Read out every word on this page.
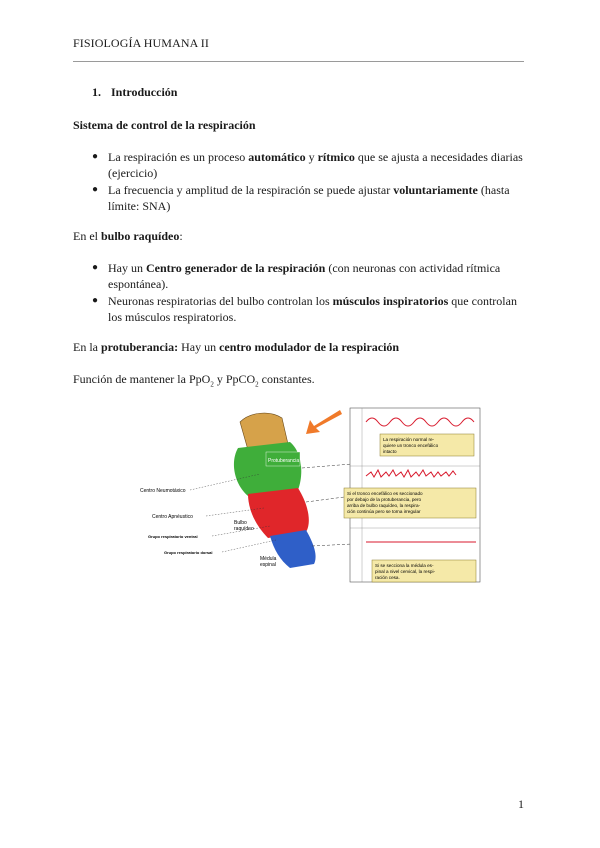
FISIOLOGÍA HUMANA II
1. Introducción
Sistema de control de la respiración
● La respiración es un proceso automático y rítmico que se ajusta a necesidades diarias (ejercicio)
● La frecuencia y amplitud de la respiración se puede ajustar voluntariamente (hasta límite: SNA)
En el bulbo raquídeo:
● Hay un Centro generador de la respiración (con neuronas con actividad rítmica espontánea).
● Neuronas respiratorias del bulbo controlan los músculos inspiratorios que controlan los músculos respiratorios.
En la protuberancia: Hay un centro modulador de la respiración
Función de mantener la PpO$_2$ y PpCO$_2$ constantes.
Protuberancia
Centro Neumotáxico
Centro Apnéustico
Grupo respiratorio ventral
Grupo respiratorio dorsal
Bulbo
raquídeo
Médula
espinal
La respiración normal re-
quiere un tronco encefálico
intacto
Si el tronco encefálico es seccionado
por debajo de la protuberancia, pero
arriba de bulbo raquídeo, la respira-
ción continúa pero se torna irregular
Si se secciona la médula es-
pinal a nivel cervical, la respi-
ración cesa.
1
